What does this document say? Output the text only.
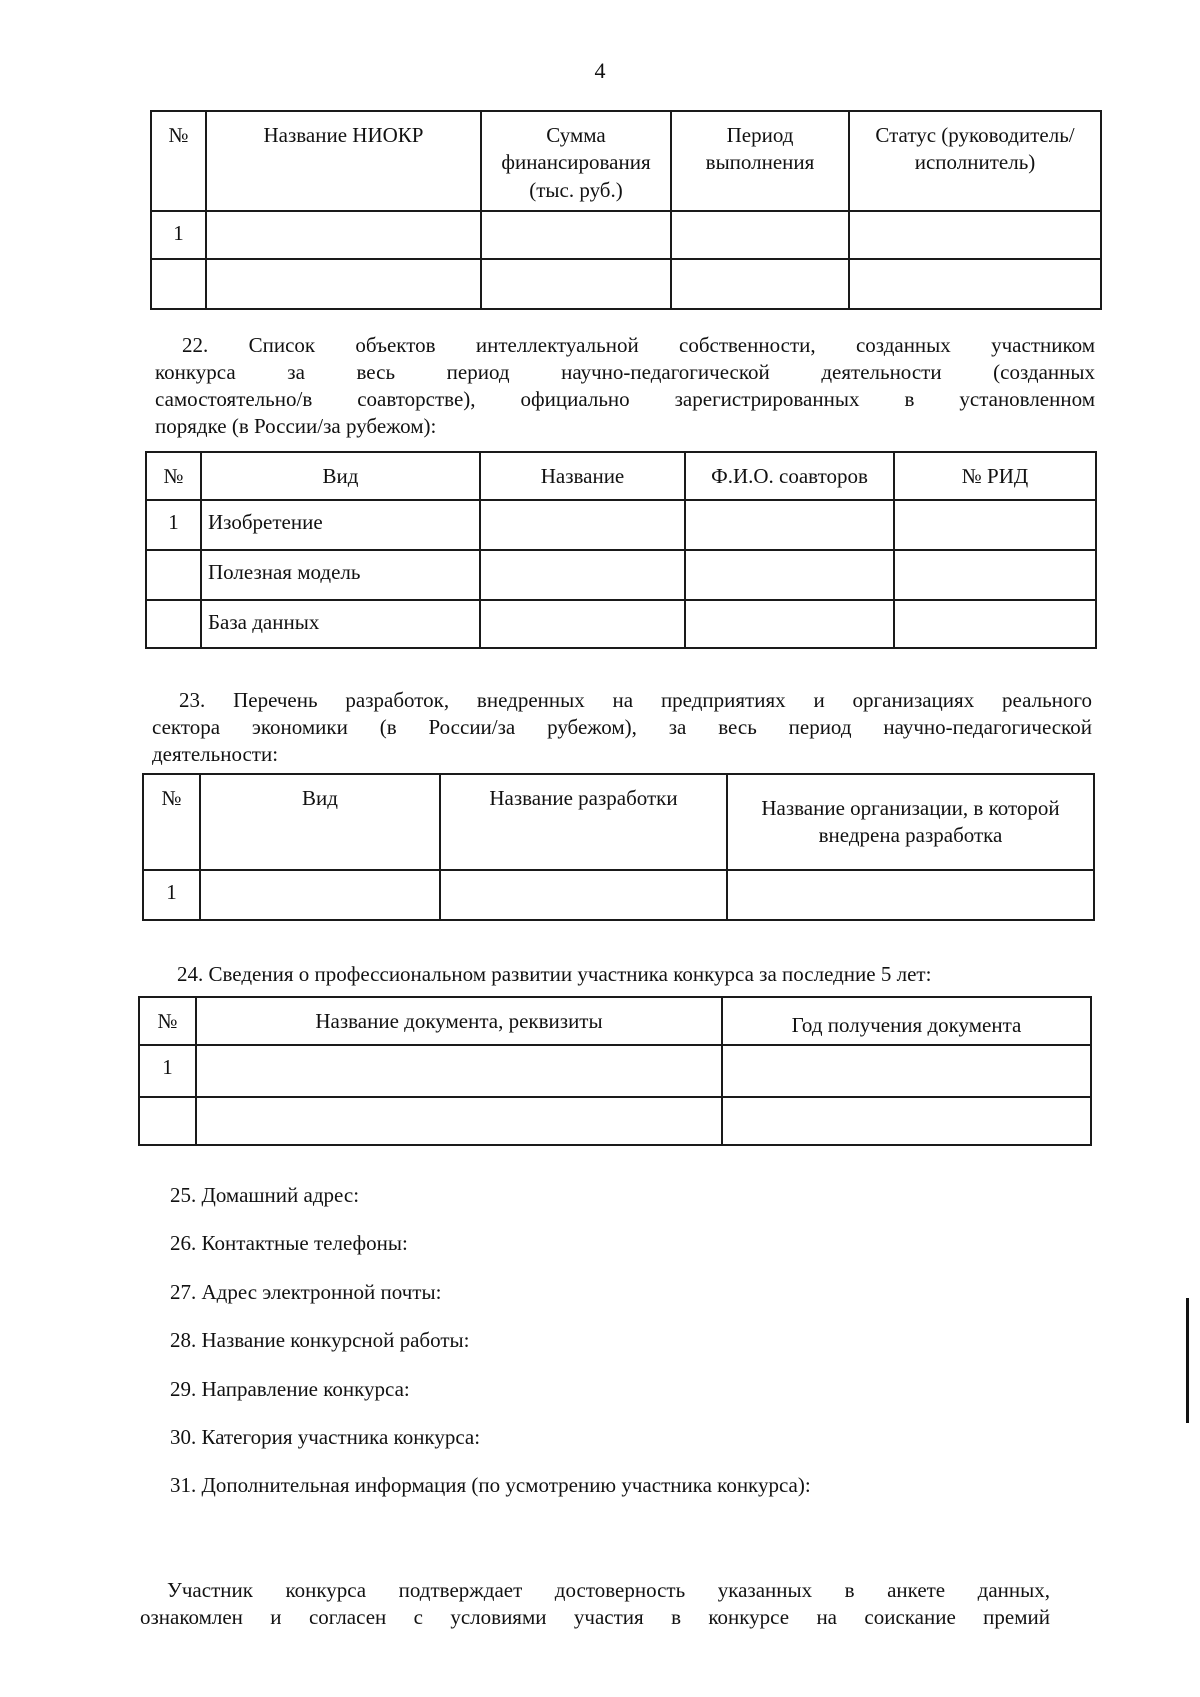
4
№	Название НИОКР	Сумма финансирования (тыс. руб.)	Период выполнения	Статус (руководитель/ исполнитель)
1				

22. Список объектов интеллектуальной собственности, созданных участником
конкурса за весь период научно-педагогической деятельности (созданных
самостоятельно/в соавторстве), официально зарегистрированных в установленном
порядке (в России/за рубежом):
№	Вид	Название	Ф.И.О. соавторов	№ РИД
1	Изобретение			
	Полезная модель			
	База данных			
23. Перечень разработок, внедренных на предприятиях и организациях реального
сектора экономики (в России/за рубежом), за весь период научно-педагогической
деятельности:
№	Вид	Название разработки	Название организации, в которой внедрена разработка
1			
24. Сведения о профессиональном развитии участника конкурса за последние 5 лет:
№	Название документа, реквизиты	Год получения документа
1		

25. Домашний адрес:
26. Контактные телефоны:
27. Адрес электронной почты:
28. Название конкурсной работы:
29. Направление конкурса:
30. Категория участника конкурса:
31. Дополнительная информация (по усмотрению участника конкурса):
Участник конкурса подтверждает достоверность указанных в анкете данных,
ознакомлен и согласен с условиями участия в конкурсе на соискание премий
